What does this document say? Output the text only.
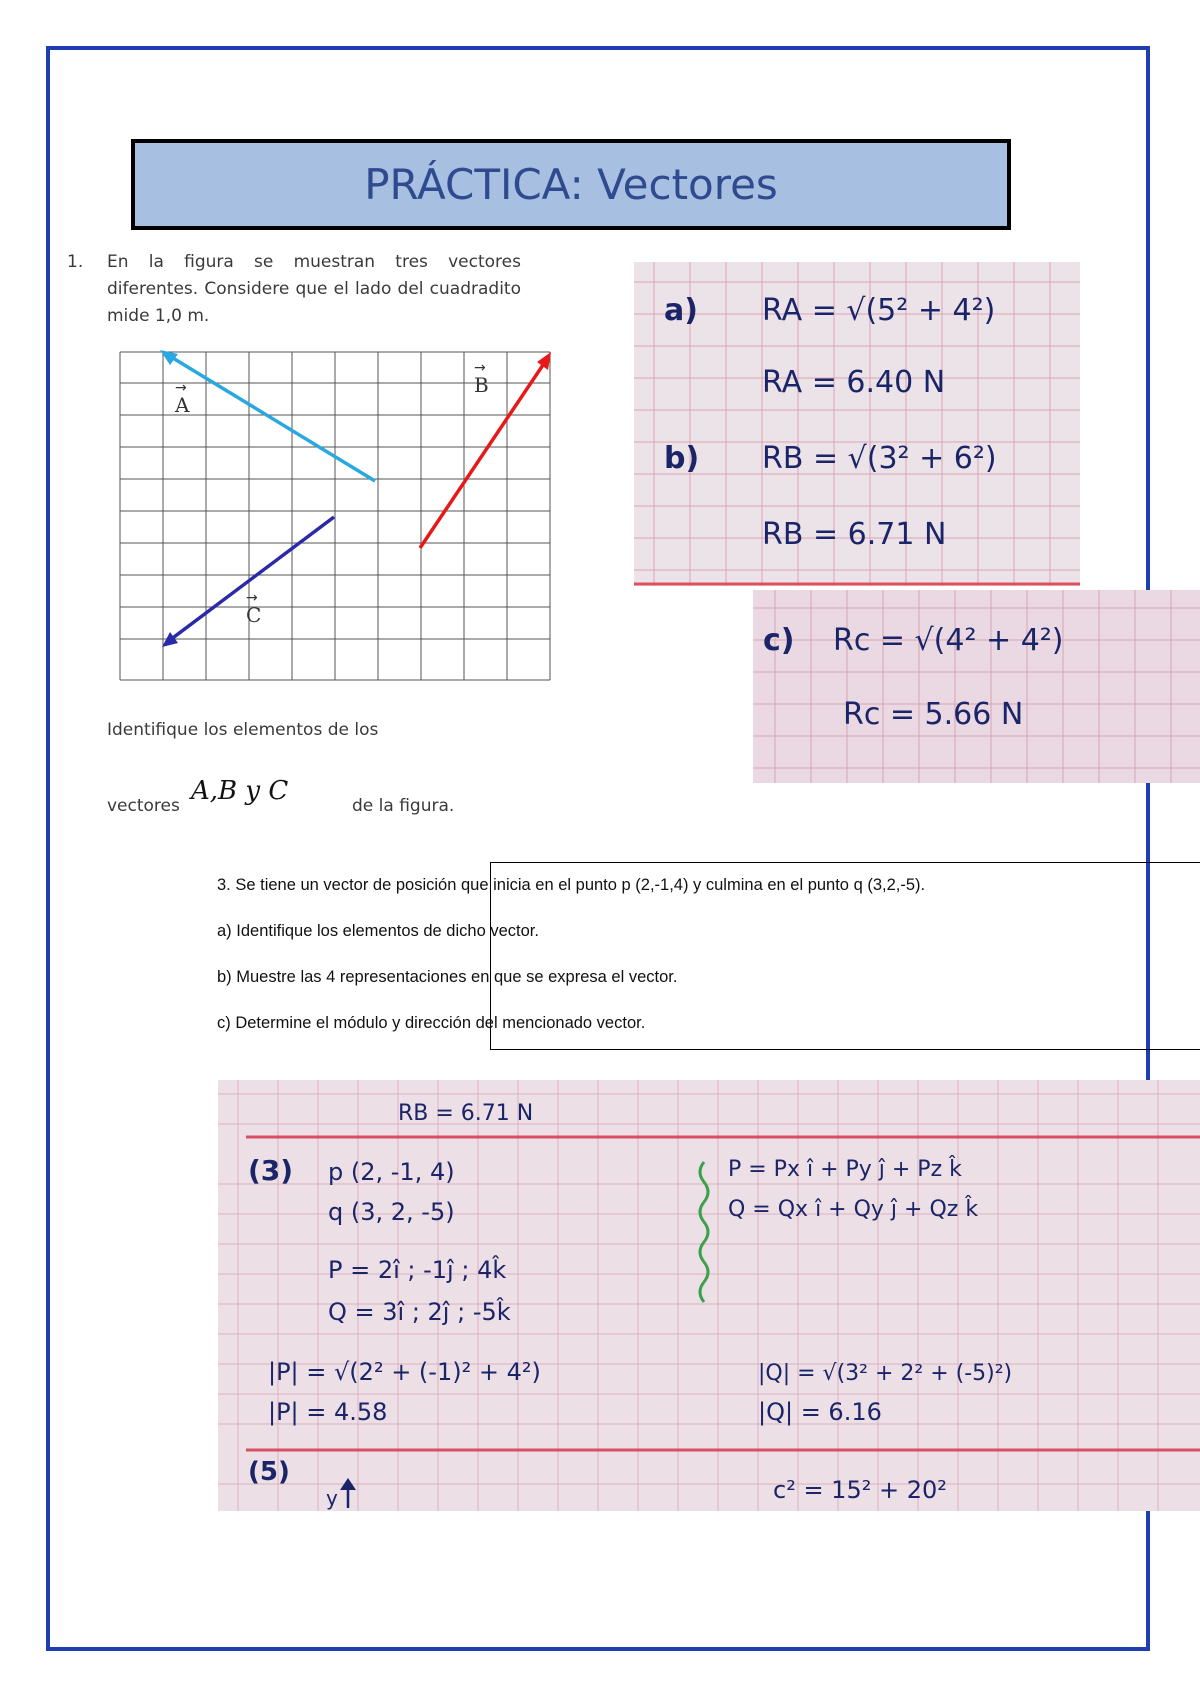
PRÁCTICA: Vectores
1. En la figura se muestran tres vectores diferentes. Considere que el lado del cuadradito mide 1,0 m.
A
→	B
→
C
→
Identifique los elementos de los
vectores A,B y C	de la figura.
a) RA = √(5² + 4²)
RA = 6.40 N
b) RB = √(3² + 6²)
RB = 6.71 N
c) Rc = √(4² + 4²)
Rc = 5.66 N
3. Se tiene un vector de posición que inicia en el punto p (2,-1,4) y culmina en el punto q (3,2,-5).
a) Identifique los elementos de dicho vector.
b) Muestre las 4 representaciones en que se expresa el vector.
c) Determine el módulo y dirección del mencionado vector.
RB = 6.71 N
(3) p (2, -1, 4)
q (3, 2, -5)
P = 2î ; -1ĵ ; 4k̂
Q = 3î ; 2ĵ ; -5k̂
P = Px î + Py ĵ + Pz k̂
Q = Qx î + Qy ĵ + Qz k̂
|P| = √(2² + (-1)² + 4²)
|P| = 4.58
|Q| = √(3² + 2² + (-5)²)
|Q| = 6.16
(5)
y	c² = 15² + 20²
